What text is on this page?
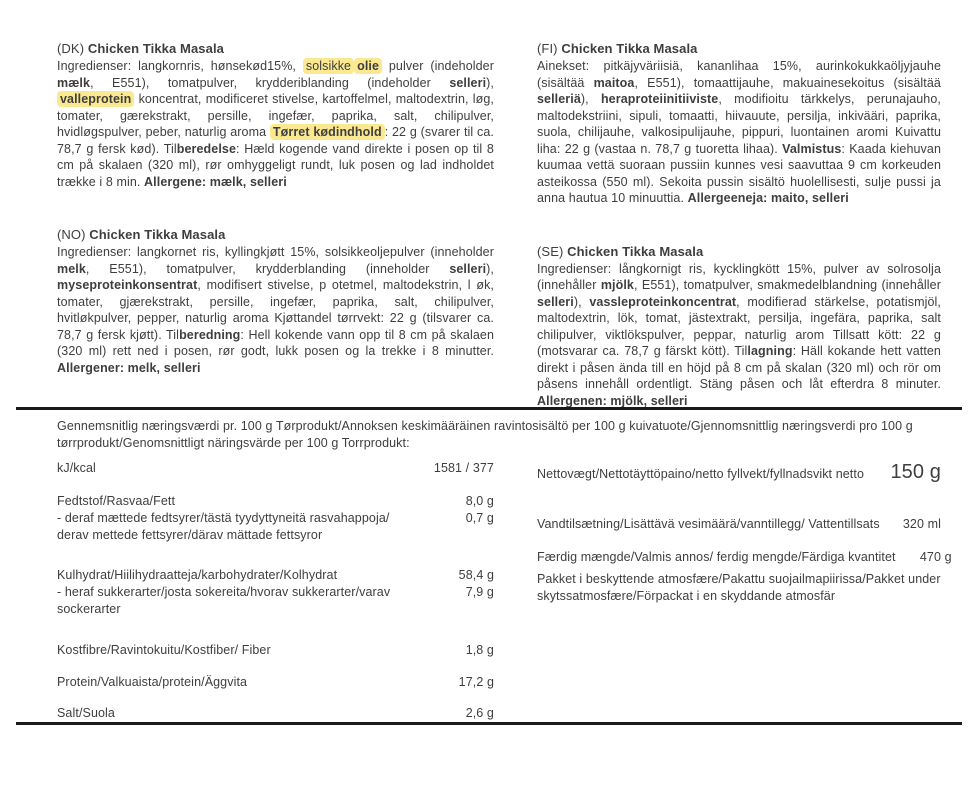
(DK) Chicken Tikka Masala

Ingredienser: langkornris, hønsekød15%, solsikke olie pulver (indeholder mælk, E551), tomatpulver, krydderiblanding (indeholder selleri), valleprotein koncentrat, modificeret stivelse, kartoffelmel, maltodextrin, løg, tomater, gærekstrakt, persille, ingefær, paprika, salt, chilipulver, hvidløgspulver, peber, naturlig aroma Tørret kødindhold : 22 g (svarer til ca. 78,7 g fersk kød). Tilberedelse: Hæld kogende vand direkte i posen op til 8 cm på skalaen (320 ml), rør omhyggeligt rundt, luk posen og lad indholdet trække i 8 min. Allergene: mælk, selleri

(NO) Chicken Tikka Masala

Ingredienser: langkornet ris, kyllingkjøtt 15%, solsikkeoljepulver (inneholder melk, E551), tomatpulver, krydderblanding (inneholder selleri), myseproteinkonsentrat, modifisert stivelse, p otetmel, maltodekstrin, l øk, tomater, gjærekstrakt, persille, ingefær, paprika, salt, chilipulver, hvitløkpulver, pepper, naturlig aroma Kjøttandel tørrvekt: 22 g (tilsvarer ca. 78,7 g fersk kjøtt). Tilberedning: Hell kokende vann opp til 8 cm på skalaen (320 ml) rett ned i posen, rør godt, lukk posen og la trekke i 8 minutter. Allergener: melk, selleri

(FI) Chicken Tikka Masala

Ainekset: pitkäjyväriisiä, kananlihaa 15%, aurinkokukkaöljyjauhe (sisältää maitoa, E551), tomaattijauhe, makuainesekoitus (sisältää selleriä), heraproteiinitiiviste, modifioitu tärkkelys, perunajauho, maltodekstriini, sipuli, tomaatti, hiivauute, persilja, inkivääri, paprika, suola, chilijauhe, valkosipulijauhe, pippuri, luontainen aromi Kuivattu liha: 22 g (vastaa n. 78,7 g tuoretta lihaa). Valmistus: Kaada kiehuvan kuumaa vettä suoraan pussiin kunnes vesi saavuttaa 9 cm korkeuden asteikossa (550 ml). Sekoita pussin sisältö huolellisesti, sulje pussi ja anna hautua 10 minuuttia. Allergeeneja: maito, selleri

(SE) Chicken Tikka Masala

Ingredienser: långkornigt ris, kycklingkött 15%, pulver av solrosolja (innehåller mjölk, E551), tomatpulver, smakmedelblandning (innehåller selleri), vassleproteinkoncentrat, modifierad stärkelse, potatismjöl, maltodextrin, lök, tomat, jästextrakt, persilja, ingefära, paprika, salt chilipulver, viktlökspulver, peppar, naturlig arom Tillsatt kött: 22 g (motsvarar ca. 78,7 g färskt kött). Tillagning: Häll kokande hett vatten direkt i påsen ända till en höjd på 8 cm på skalan (320 ml) och rör om påsens innehåll ordentligt. Stäng påsen och låt efterdra 8 minuter. Allergenen: mjölk, selleri

Gennemsnitlig næringsværdi pr. 100 g Tørprodukt/Annoksen keskimääräinen ravintosisältö per 100 g kuivatuote/Gjennomsnittlig næringsverdi pro 100 g tørrprodukt/Genomsnittligt näringsvärde per 100 g Torrprodukt:

kJ/kcal	1581 / 377
Fedtstof/Rasvaa/Fett	8,0 g
- deraf mættede fedtsyrer/tästä tyydyttyneitä rasvahappoja/	0,7 g
derav mettede fettsyrer/därav mättade fettsyror
Kulhydrat/Hiilihydraatteja/karbohydrater/Kolhydrat	58,4 g
- heraf sukkerarter/josta sokereita/hvorav sukkerarter/varav	7,9 g
sockerarter
Kostfibre/Ravintokuitu/Kostfiber/ Fiber	1,8 g
Protein/Valkuaista/protein/Äggvita	17,2 g
Salt/Suola	2,6 g
Nettovægt/Nettotäyttöpaino/netto fyllvekt/fyllnadsvikt netto	150 g
Vandtilsætning/Lisättävä vesimäärä/vanntillegg/ Vattentillsats	320 ml
Færdig mængde/Valmis annos/ ferdig mengde/Färdiga kvantitet	470 g
Pakket i beskyttende atmosfære/Pakattu suojailmapiirissa/Pakket under skytssatmosfære/Förpackat i en skyddande atmosfär
